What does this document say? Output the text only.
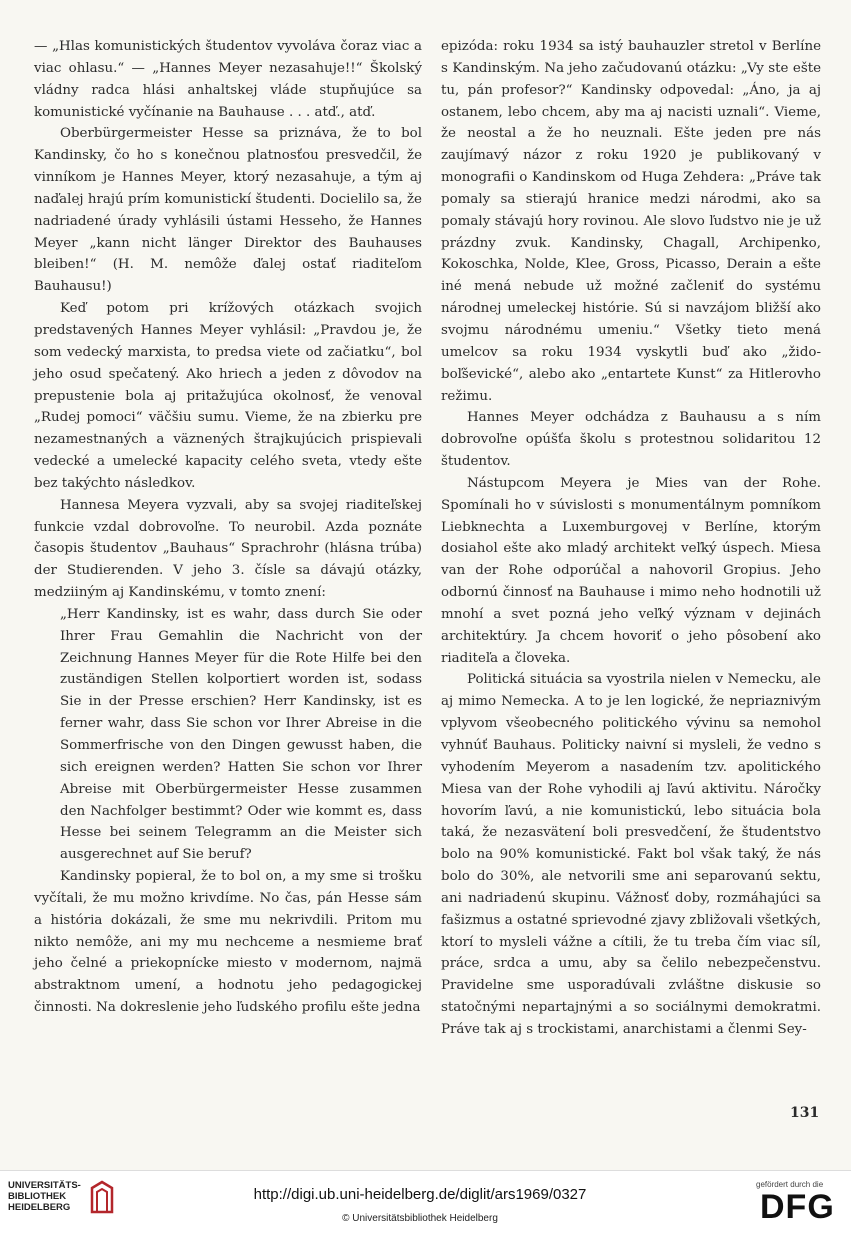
— „Hlas komunistických študentov vyvoláva čoraz viac a viac ohlasu.“ — „Hannes Meyer nezasahuje!!“ Školský vládny radca hlási anhaltskej vláde stupňujúce sa komunistické vyčínanie na Bauhause . . . atď., atď.

Oberbürgermeister Hesse sa priznáva, že to bol Kandinsky, čo ho s konečnou platnosťou presvedčil, že vinníkom je Hannes Meyer, ktorý nezasahuje, a tým aj naďalej hrajú prím komunistickí študenti. Docielilo sa, že nadriadené úrady vyhlásili ústami Hesseho, že Hannes Meyer „kann nicht länger Direktor des Bauhauses bleiben!“ (H. M. nemôže ďalej ostať riaditeľom Bauhausu!)

Keď potom pri krížových otázkach svojich predstavených Hannes Meyer vyhlásil: „Pravdou je, že som vedecký marxista, to predsa viete od začiatku“, bol jeho osud spečatený. Ako hriech a jeden z dôvodov na prepustenie bola aj pritažujúca okolnosť, že venoval „Rudej pomoci“ väčšiu sumu. Vieme, že na zbierku pre nezamestnaných a väznených štrajkujúcich prispievali vedecké a umelecké kapacity celého sveta, vtedy ešte bez takýchto následkov.

Hannesa Meyera vyzvali, aby sa svojej riaditeľskej funkcie vzdal dobrovoľne. To neurobil. Azda poznáte časopis študentov „Bauhaus“ Sprachrohr (hlásna trúba) der Studierenden. V jeho 3. čísle sa dávajú otázky, medziiným aj Kandinskému, v tomto znení:

„Herr Kandinsky, ist es wahr, dass durch Sie oder Ihrer Frau Gemahlin die Nachricht von der Zeichnung Hannes Meyer für die Rote Hilfe bei den zuständigen Stellen kolportiert worden ist, sodass Sie in der Presse erschien? Herr Kandinsky, ist es ferner wahr, dass Sie schon vor Ihrer Abreise in die Sommerfrische von den Dingen gewusst haben, die sich ereignen werden? Hatten Sie schon vor Ihrer Abreise mit Oberbürgermeister Hesse zusammen den Nachfolger bestimmt? Oder wie kommt es, dass Hesse bei seinem Telegramm an die Meister sich ausgerechnet auf Sie beruf?

Kandinsky popieral, že to bol on, a my sme si trošku vyčítali, že mu možno krivdíme. No čas, pán Hesse sám a história dokázali, že sme mu nekrivdili. Pritom mu nikto nemôže, ani my mu nechceme a nesmieme brať jeho čelné a priekopnícke miesto v modernom, najmä abstraktnom umení, a hodnotu jeho pedagogickej činnosti. Na dokreslenie jeho ľudského profilu ešte jedna

epizóda: roku 1934 sa istý bauhauzler stretol v Berlíne s Kandinským. Na jeho začudovanú otázku: „Vy ste ešte tu, pán profesor?“ Kandinsky odpovedal: „Áno, ja aj ostanem, lebo chcem, aby ma aj nacisti uznali“. Vieme, že neostal a že ho neuznali. Ešte jeden pre nás zaujímavý názor z roku 1920 je publikovaný v monografii o Kandinskom od Huga Zehdera: „Práve tak pomaly sa stierajú hranice medzi národmi, ako sa pomaly stávajú hory rovinou. Ale slovo ľudstvo nie je už prázdny zvuk. Kandinsky, Chagall, Archipenko, Kokoschka, Nolde, Klee, Gross, Picasso, Derain a ešte iné mená nebude už možné začleniť do systému národnej umeleckej histórie. Sú si navzájom bližší ako svojmu národnému umeniu.“ Všetky tieto mená umelcov sa roku 1934 vyskytli buď ako „žido-boľševické“, alebo ako „entartete Kunst“ za Hitlerovho režimu.

Hannes Meyer odchádza z Bauhausu a s ním dobrovoľne opúšťa školu s protestnou solidaritou 12 študentov.

Nástupcom Meyera je Mies van der Rohe. Spomínali ho v súvislosti s monumentálnym pomníkom Liebknechta a Luxemburgovej v Berlíne, ktorým dosiahol ešte ako mladý architekt veľký úspech. Miesa van der Rohe odporúčal a nahovoril Gropius. Jeho odbornú činnosť na Bauhause i mimo neho hodnotili už mnohí a svet pozná jeho veľký význam v dejinách architektúry. Ja chcem hovoriť o jeho pôsobení ako riaditeľa a človeka.

Politická situácia sa vyostrila nielen v Nemecku, ale aj mimo Nemecka. A to je len logické, že nepriaznivým vplyvom všeobecného politického vývinu sa nemohol vyhnúť Bauhaus. Politicky naivní si mysleli, že vedno s vyhodením Meyerom a nasadením tzv. apolitického Miesa van der Rohe vyhodili aj ľavú aktivitu. Náročky hovorím ľavú, a nie komunistickú, lebo situácia bola taká, že nezasvätení boli presvedčení, že študentstvo bolo na 90% komunistické. Fakt bol však taký, že nás bolo do 30%, ale netvorili sme ani separovanú sektu, ani nadriadenú skupinu. Vážnosť doby, rozmáhajúci sa fašizmus a ostatné sprievodné zjavy zbližovali všetkých, ktorí to mysleli vážne a cítili, že tu treba čím viac síl, práce, srdca a umu, aby sa čelilo nebezpečenstvu. Pravidelne sme usporadúvali zvláštne diskusie so statočnými nepartajnými a so sociálnymi demokratmi. Práve tak aj s trockistami, anarchistami a členmi Sey-

131
UNIVERSITÄTS-
BIBLIOTHEK
HEIDELBERG
http://digi.ub.uni-heidelberg.de/diglit/ars1969/0327
© Universitätsbibliothek Heidelberg
gefördert durch die
DFG
